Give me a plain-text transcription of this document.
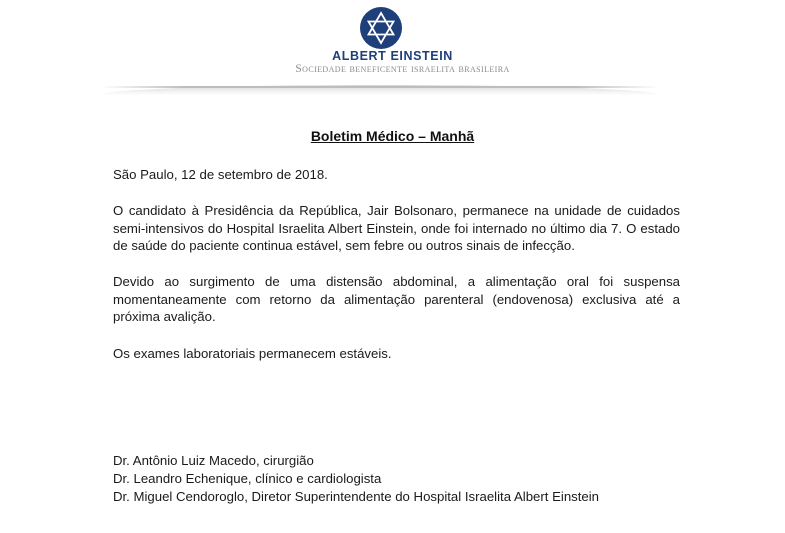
ALBERT EINSTEIN
Sociedade beneficente israelita brasileira
Boletim Médico – Manhã

São Paulo, 12 de setembro de 2018.

O candidato à Presidência da República, Jair Bolsonaro, permanece na unidade de cuidados semi-intensivos do Hospital Israelita Albert Einstein, onde foi internado no último dia 7. O estado de saúde do paciente continua estável, sem febre ou outros sinais de infecção.

Devido ao surgimento de uma distensão abdominal, a alimentação oral foi suspensa momentaneamente com retorno da alimentação parenteral (endovenosa) exclusiva até a próxima avalição.

Os exames laboratoriais permanecem estáveis.

Dr. Antônio Luiz Macedo, cirurgião
Dr. Leandro Echenique, clínico e cardiologista
Dr. Miguel Cendoroglo, Diretor Superintendente do Hospital Israelita Albert Einstein
